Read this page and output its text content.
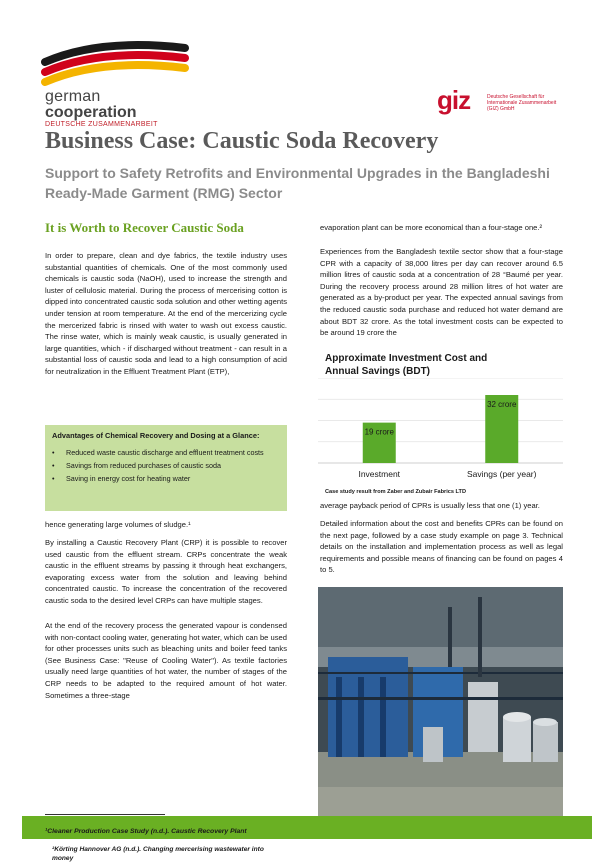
german
cooperation
DEUTSCHE ZUSAMMENARBEIT
giz	Deutsche Gesellschaft für Internationale Zusammenarbeit (GIZ) GmbH
Business Case: Caustic Soda Recovery

Support to Safety Retrofits and Environmental Upgrades in the Bangladeshi Ready-Made Garment (RMG) Sector

It is Worth to Recover Caustic Soda

In order to prepare, clean and dye fabrics, the textile industry uses substantial quantities of chemicals. One of the most commonly used chemicals is caustic soda (NaOH), used to increase the strength and luster of cellulosic material. During the process of mercerising cotton is dipped into concentrated caustic soda solution and other wetting agents under tension at room temperature. At the end of the mercerizing cycle the mercerized fabric is rinsed with water to wash out excess caustic. The rinse water, which is mainly weak caustic, is usually generated in large quantities, which - if discharged without treatment - can result in a substantial loss of caustic soda and lead to a high consumption of acid for neutralization in the Effluent Treatment Plant (ETP),

Advantages of Chemical Recovery and Dosing at a Glance:
• Reduced waste caustic discharge and effluent treatment costs
• Savings from reduced purchases of caustic soda
• Saving in energy cost for heating water

hence generating large volumes of sludge.¹

By installing a Caustic Recovery Plant (CRP) it is possible to recover used caustic from the effluent stream. CRPs concentrate the weak caustic in the effluent streams by passing it through heat exchangers, evaporating excess water from the solution and leaving behind concentrated caustic. To increase the concentration of the recovered caustic soda to the desired level CRPs can have multiple stages.

At the end of the recovery process the generated vapour is condensed with non-contact cooling water, generating hot water, which can be used for other processes units such as bleaching units and boiler feed tanks (See Business Case: "Reuse of Cooling Water"). As textile factories usually need large quantities of hot water, the number of stages of the CRP needs to be adapted to the required amount of hot water. Sometimes a three-stage

evaporation plant can be more economical than a four-stage one.²

Experiences from the Bangladesh textile sector show that a four-stage CPR with a capacity of 38,000 litres per day can recover around 6.5 million litres of caustic soda at a concentration of 28 °Baumé per year. During the recovery process around 28 million litres of hot water are generated as a by-product per year. The expected annual savings from the reduced caustic soda purchase and reduced hot water demand are about BDT 32 crore. As the total investment costs can be expected to be around 19 crore the

Approximate Investment Cost and Annual Savings (BDT)
19 crore
Investment
32 crore
Savings (per year)
Case study result from Zaber and Zubair Fabrics LTD

average payback period of CPRs is usually less that one (1) year.

Detailed information about the cost and benefits CPRs can be found on the next page, followed by a case study example on page 3. Technical details on the installation and implementation process as well as legal requirements and possible means of financing can be found on pages 4 to 5.

¹Cleaner Production Case Study (n.d.). Caustic Recovery Plant
²Körting Hannover AG (n.d.). Changing mercerising wastewater into money
